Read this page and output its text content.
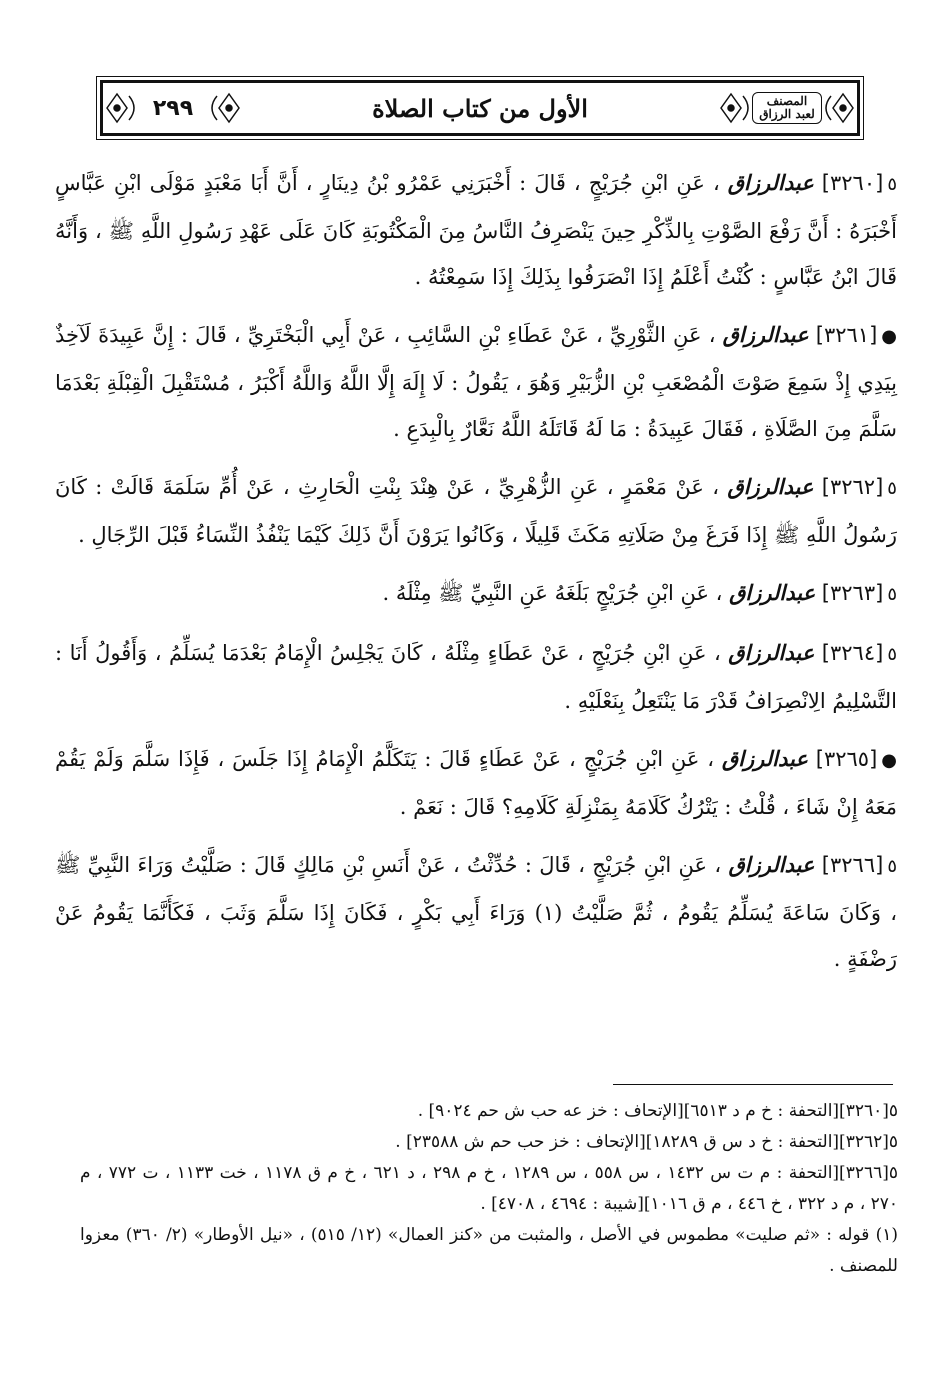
٢٩٩	الأول من كتاب الصلاة	المصنف
لعبد الرزاق

٥[٣٢٦٠] عبدالرزاق ، عَنِ ابْنِ جُرَيْجٍ ، قَالَ : أَخْبَرَنِي عَمْرُو بْنُ دِينَارٍ ، أَنَّ أَبَا مَعْبَدٍ مَوْلَى ابْنِ عَبَّاسٍ أَخْبَرَهُ : أَنَّ رَفْعَ الصَّوْتِ بِالذِّكْرِ حِينَ يَنْصَرِفُ النَّاسُ مِنَ الْمَكْتُوبَةِ كَانَ عَلَى عَهْدِ رَسُولِ اللَّهِ ﷺ ، وَأَنَّهُ قَالَ ابْنُ عَبَّاسٍ : كُنْتُ أَعْلَمُ إِذَا انْصَرَفُوا بِذَلِكَ إِذَا سَمِعْتُهُ .

●[٣٢٦١] عبدالرزاق ، عَنِ الثَّوْرِيِّ ، عَنْ عَطَاءِ بْنِ السَّائِبِ ، عَنْ أَبِي الْبَخْتَرِيِّ ، قَالَ : إِنَّ عَبِيدَةَ لَآخِذٌ بِيَدِي إِذْ سَمِعَ صَوْتَ الْمُصْعَبِ بْنِ الزُّبَيْرِ وَهُوَ ، يَقُولُ : لَا إِلَهَ إِلَّا اللَّهُ وَاللَّهُ أَكْبَرُ ، مُسْتَقْبِلَ الْقِبْلَةِ بَعْدَمَا سَلَّمَ مِنَ الصَّلَاةِ ، فَقَالَ عَبِيدَةُ : مَا لَهُ قَاتَلَهُ اللَّهُ نَعَّارٌ بِالْبِدَعِ .

٥[٣٢٦٢] عبدالرزاق ، عَنْ مَعْمَرٍ ، عَنِ الزُّهْرِيِّ ، عَنْ هِنْدَ بِنْتِ الْحَارِثِ ، عَنْ أُمِّ سَلَمَةَ قَالَتْ : كَانَ رَسُولُ اللَّهِ ﷺ إِذَا فَرَغَ مِنْ صَلَاتِهِ مَكَثَ قَلِيلًا ، وَكَانُوا يَرَوْنَ أَنَّ ذَلِكَ كَيْمَا يَنْفُذُ النِّسَاءُ قَبْلَ الرِّجَالِ .

٥[٣٢٦٣] عبدالرزاق ، عَنِ ابْنِ جُرَيْجٍ بَلَغَهُ عَنِ النَّبِيِّ ﷺ مِثْلَهُ .

٥[٣٢٦٤] عبدالرزاق ، عَنِ ابْنِ جُرَيْجٍ ، عَنْ عَطَاءٍ مِثْلَهُ ، كَانَ يَجْلِسُ الْإِمَامُ بَعْدَمَا يُسَلِّمُ ، وَأَقُولُ أَنَا : التَّسْلِيمُ الِانْصِرَافُ قَدْرَ مَا يَنْتَعِلُ بِنَعْلَيْهِ .

●[٣٢٦٥] عبدالرزاق ، عَنِ ابْنِ جُرَيْجٍ ، عَنْ عَطَاءٍ قَالَ : يَتَكَلَّمُ الْإِمَامُ إِذَا جَلَسَ ، فَإِذَا سَلَّمَ وَلَمْ يَقُمْ مَعَهُ إِنْ شَاءَ ، قُلْتُ : يَتْرُكُ كَلَامَهُ بِمَنْزِلَةِ كَلَامِهِ؟ قَالَ : نَعَمْ .

٥[٣٢٦٦] عبدالرزاق ، عَنِ ابْنِ جُرَيْجٍ ، قَالَ : حُدِّثْتُ ، عَنْ أَنَسِ بْنِ مَالِكٍ قَالَ : صَلَّيْتُ وَرَاءَ النَّبِيِّ ﷺ ، وَكَانَ سَاعَةَ يُسَلِّمُ يَقُومُ ، ثُمَّ صَلَّيْتُ (١) وَرَاءَ أَبِي بَكْرٍ ، فَكَانَ إِذَا سَلَّمَ وَثَبَ ، فَكَأَنَّمَا يَقُومُ عَنْ رَضْفَةٍ .

٥[٣٢٦٠][التحفة : خ م د ٦٥١٣][الإتحاف : خز عه حب ش حم ٩٠٢٤] .

٥[٣٢٦٢][التحفة : خ د س ق ١٨٢٨٩][الإتحاف : خز حب حم ش ٢٣٥٨٨] .

٥[٣٢٦٦][التحفة : م ت س ١٤٣٢ ، س ٥٥٨ ، س ١٢٨٩ ، خ م ٢٩٨ ، د ٦٢١ ، خ م ق ١١٧٨ ، خت ١١٣٣ ، ت ٧٧٢ ، م ٢٧٠ ، م د ٣٢٢ ، خ ٤٤٦ ، م ق ١٠١٦][شيبة : ٤٦٩٤ ، ٤٧٠٨] .

(١) قوله : «ثم صليت» مطموس في الأصل ، والمثبت من «كنز العمال» (١٢/ ٥١٥) ، «نيل الأوطار» (٢/ ٣٦٠) معزوا للمصنف .
